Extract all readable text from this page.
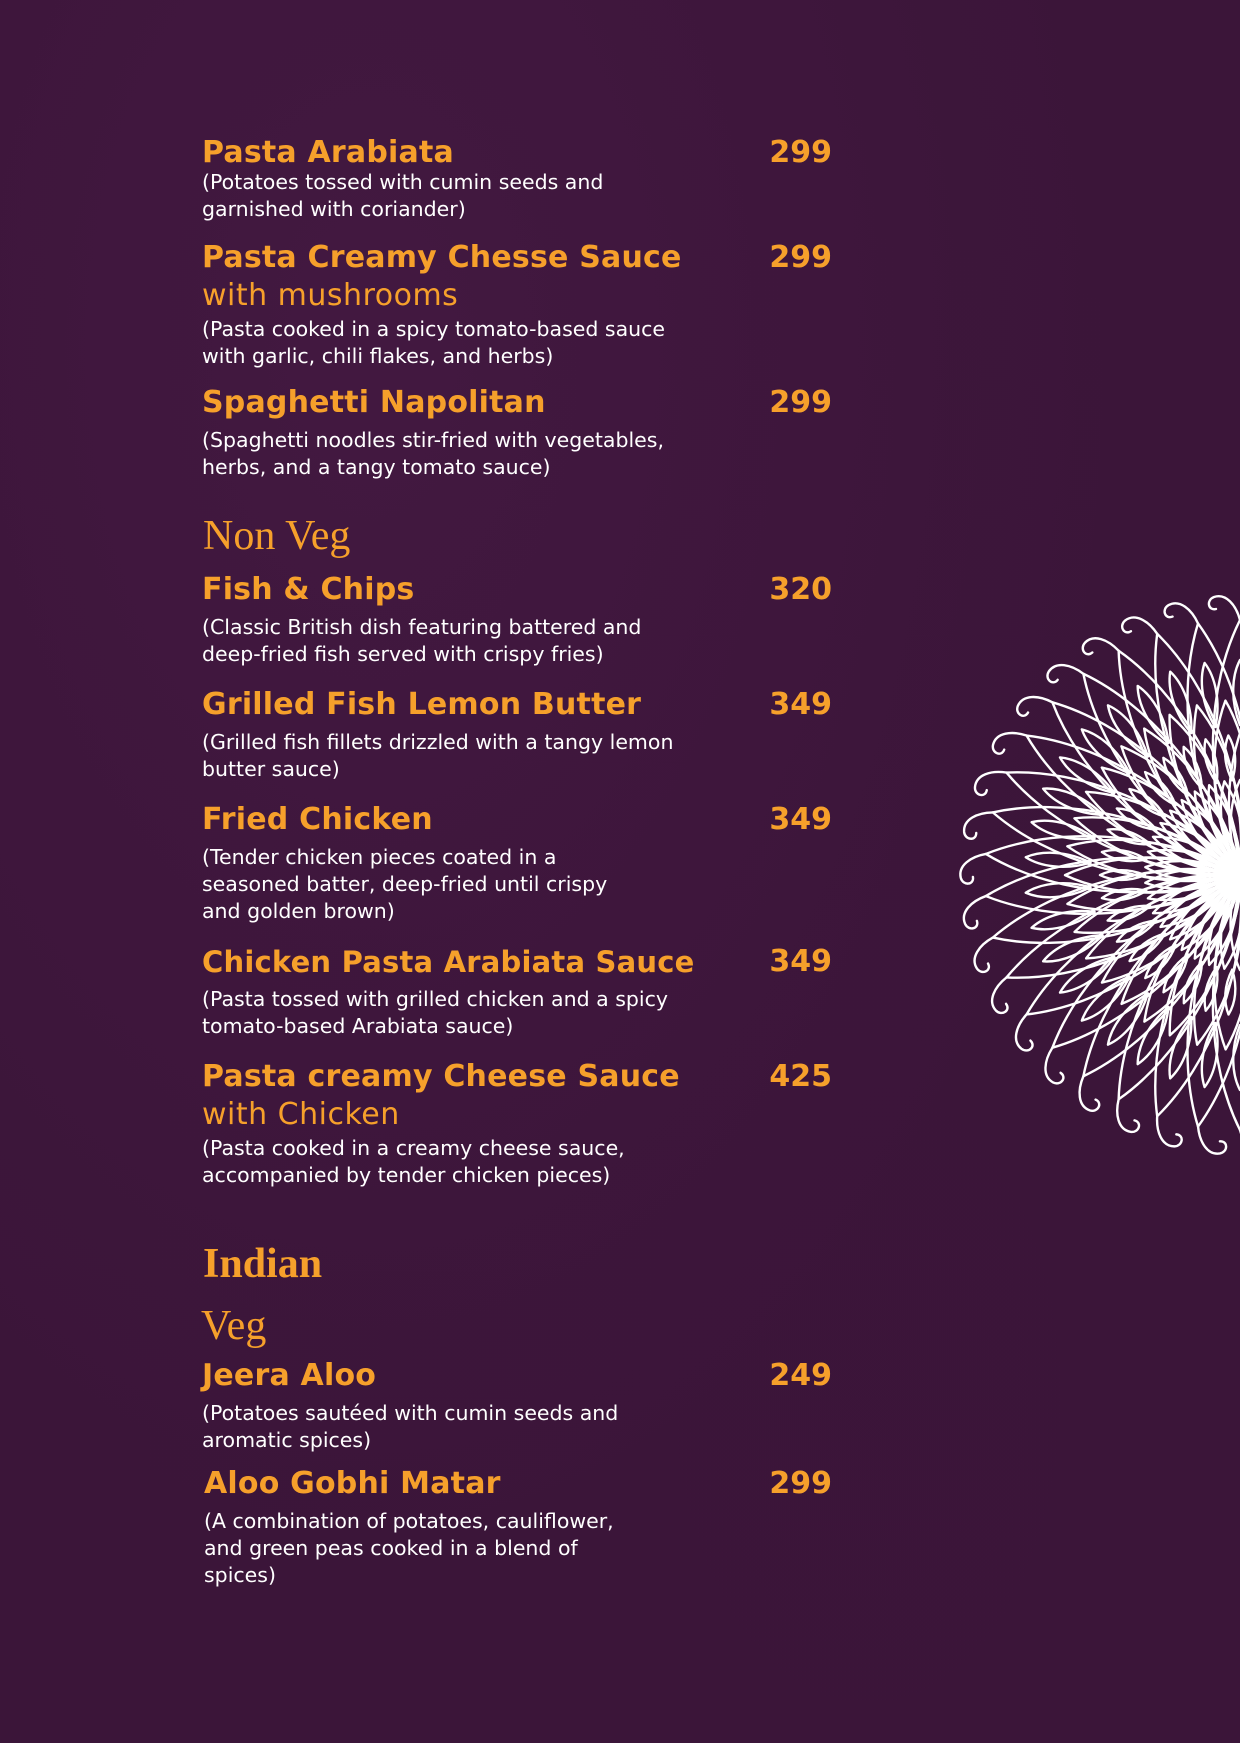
Pasta Arabiata	299
(Potatoes tossed with cumin seeds and
garnished with coriander)
Pasta Creamy Chesse Sauce
with mushrooms
299
(Pasta cooked in a spicy tomato-based sauce
with garlic, chili flakes, and herbs)
Spaghetti Napolitan	299
(Spaghetti noodles stir-fried with vegetables,
herbs, and a tangy tomato sauce)
Non Veg
Fish & Chips	320
(Classic British dish featuring battered and
deep-fried fish served with crispy fries)
Grilled Fish Lemon Butter	349
(Grilled fish fillets drizzled with a tangy lemon
butter sauce)
Fried Chicken	349
(Tender chicken pieces coated in a
seasoned batter, deep-fried until crispy
and golden brown)
Chicken Pasta Arabiata Sauce	349
(Pasta tossed with grilled chicken and a spicy
tomato-based Arabiata sauce)
Pasta creamy Cheese Sauce
with Chicken
425
(Pasta cooked in a creamy cheese sauce,
accompanied by tender chicken pieces)
Indian
Veg
Jeera Aloo	249
(Potatoes sautéed with cumin seeds and
aromatic spices)
Aloo Gobhi Matar	299
(A combination of potatoes, cauliflower,
and green peas cooked in a blend of
spices)
